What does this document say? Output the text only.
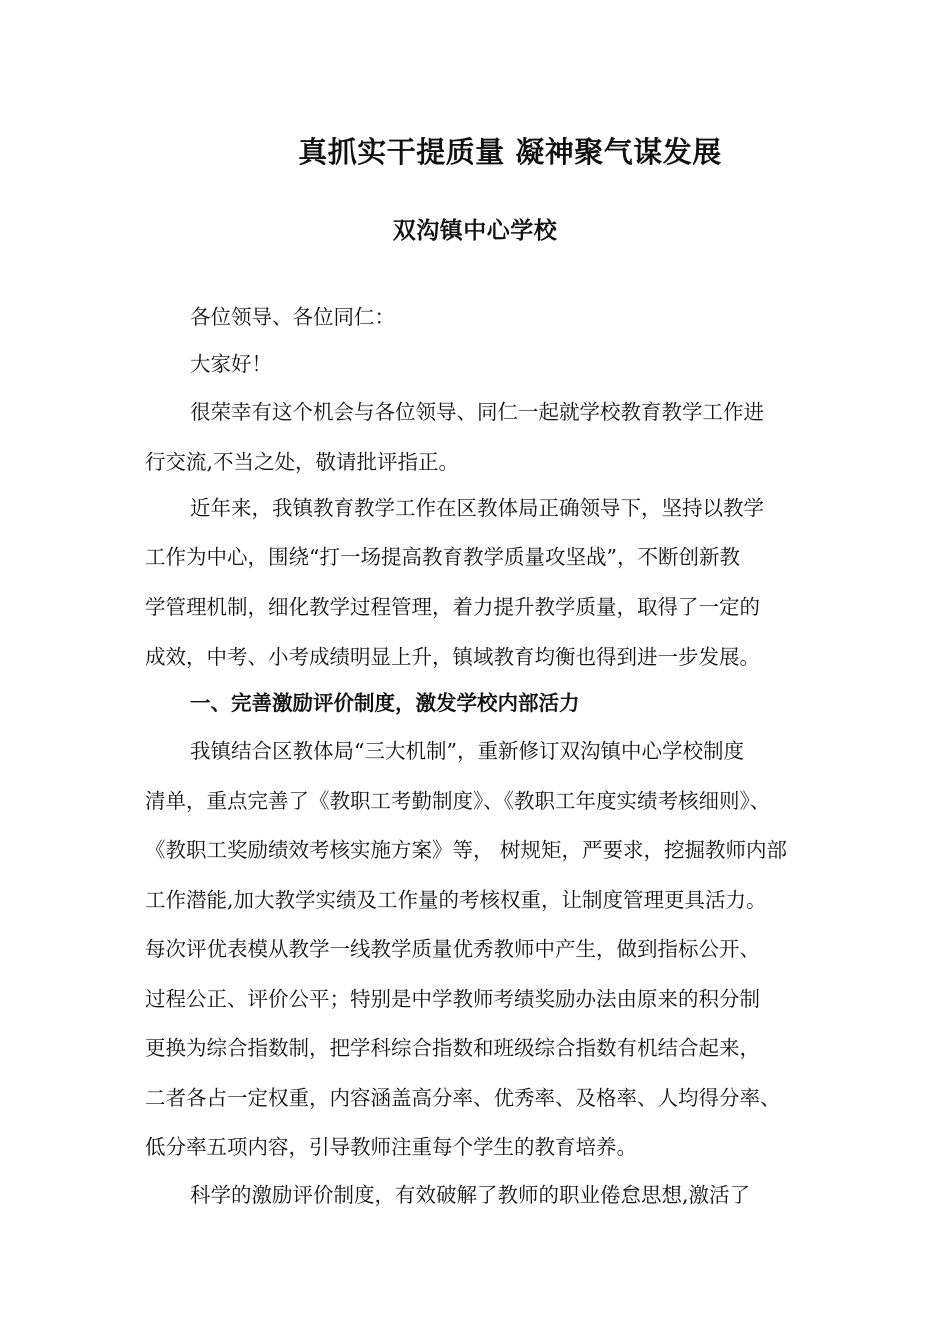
真抓实干提质量 凝神聚气谋发展
双沟镇中心学校
各位领导、各位同仁：
大家好！
很荣幸有这个机会与各位领导、同仁一起就学校教育教学工作进
行交流,不当之处，敬请批评指正。
近年来，我镇教育教学工作在区教体局正确领导下，坚持以教学
工作为中心，围绕“打一场提高教育教学质量攻坚战”，不断创新教
学管理机制，细化教学过程管理，着力提升教学质量，取得了一定的
成效，中考、小考成绩明显上升，镇域教育均衡也得到进一步发展。
一、完善激励评价制度，激发学校内部活力
我镇结合区教体局“三大机制”，重新修订双沟镇中心学校制度
清单，重点完善了《教职工考勤制度》、《教职工年度实绩考核细则》、
《教职工奖励绩效考核实施方案》等， 树规矩，严要求，挖掘教师内部
工作潜能,加大教学实绩及工作量的考核权重，让制度管理更具活力。
每次评优表模从教学一线教学质量优秀教师中产生，做到指标公开、
过程公正、评价公平；特别是中学教师考绩奖励办法由原来的积分制
更换为综合指数制，把学科综合指数和班级综合指数有机结合起来，
二者各占一定权重，内容涵盖高分率、优秀率、及格率、人均得分率、
低分率五项内容，引导教师注重每个学生的教育培养。
科学的激励评价制度，有效破解了教师的职业倦怠思想,激活了
